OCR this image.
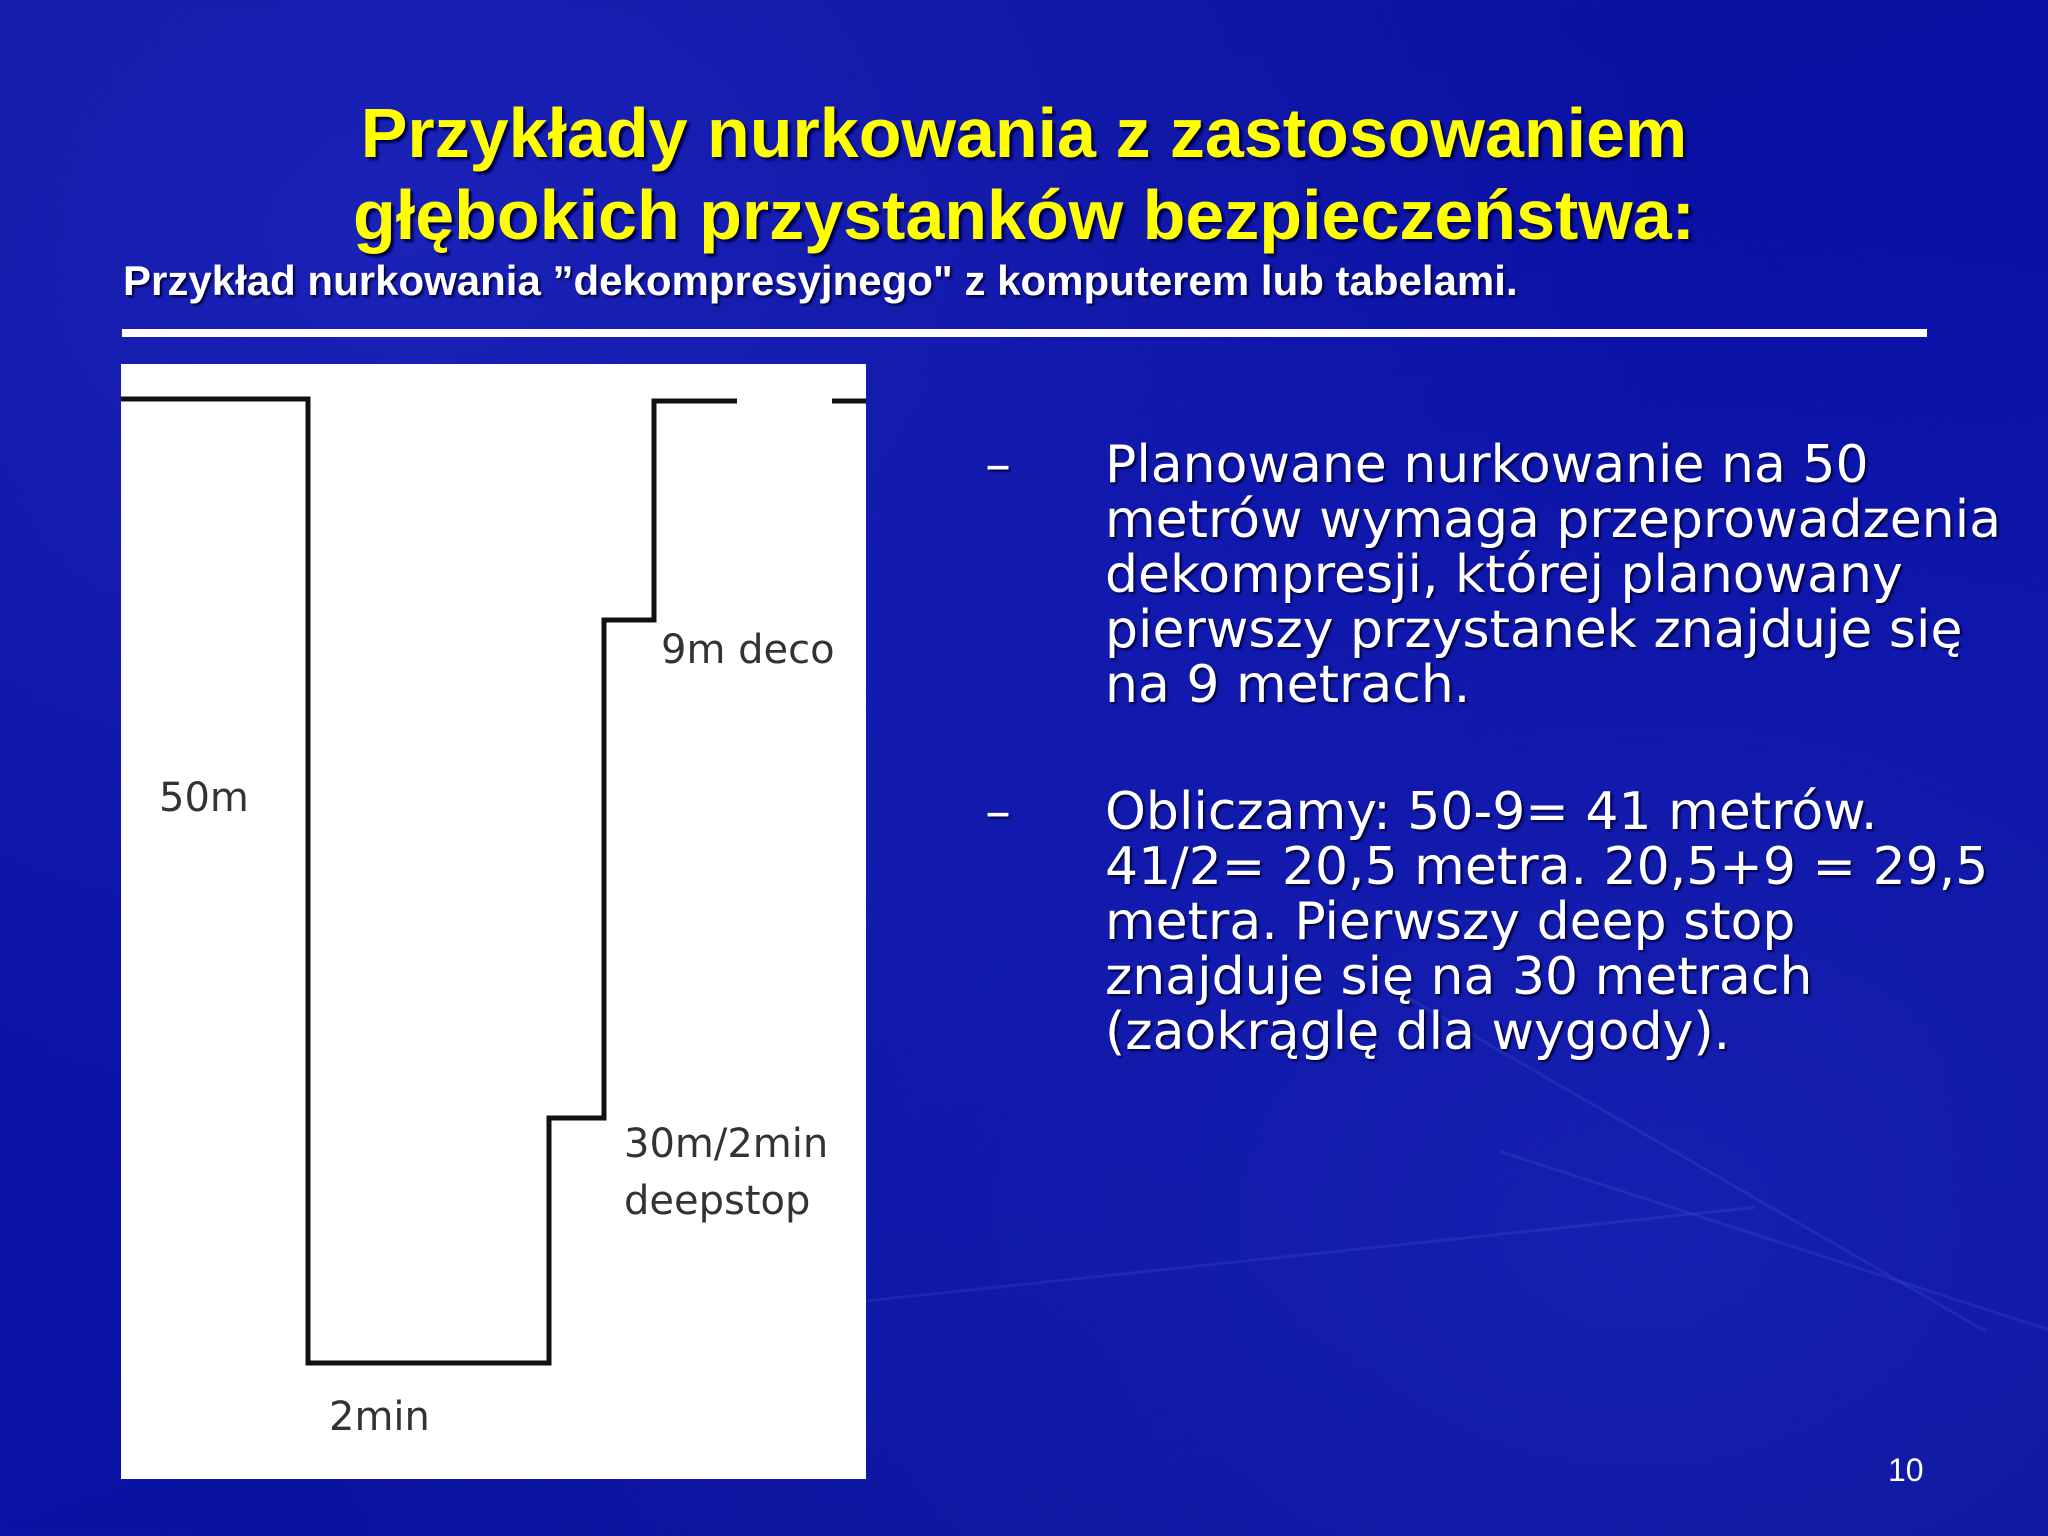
Przykłady nurkowania z zastosowaniem
głębokich przystanków bezpieczeństwa:
Przykład nurkowania ”dekompresyjnego" z komputerem lub tabelami.
50m
2min
30m/2min
deepstop
9m deco
– Planowane nurkowanie na 50 metrów wymaga przeprowadzenia dekompresji, której planowany pierwszy przystanek znajduje się na 9 metrach.
– Obliczamy: 50-9= 41 metrów. 41/2= 20,5 metra. 20,5+9 = 29,5 metra. Pierwszy deep stop znajduje się na 30 metrach (zaokrąglę dla wygody).
10
